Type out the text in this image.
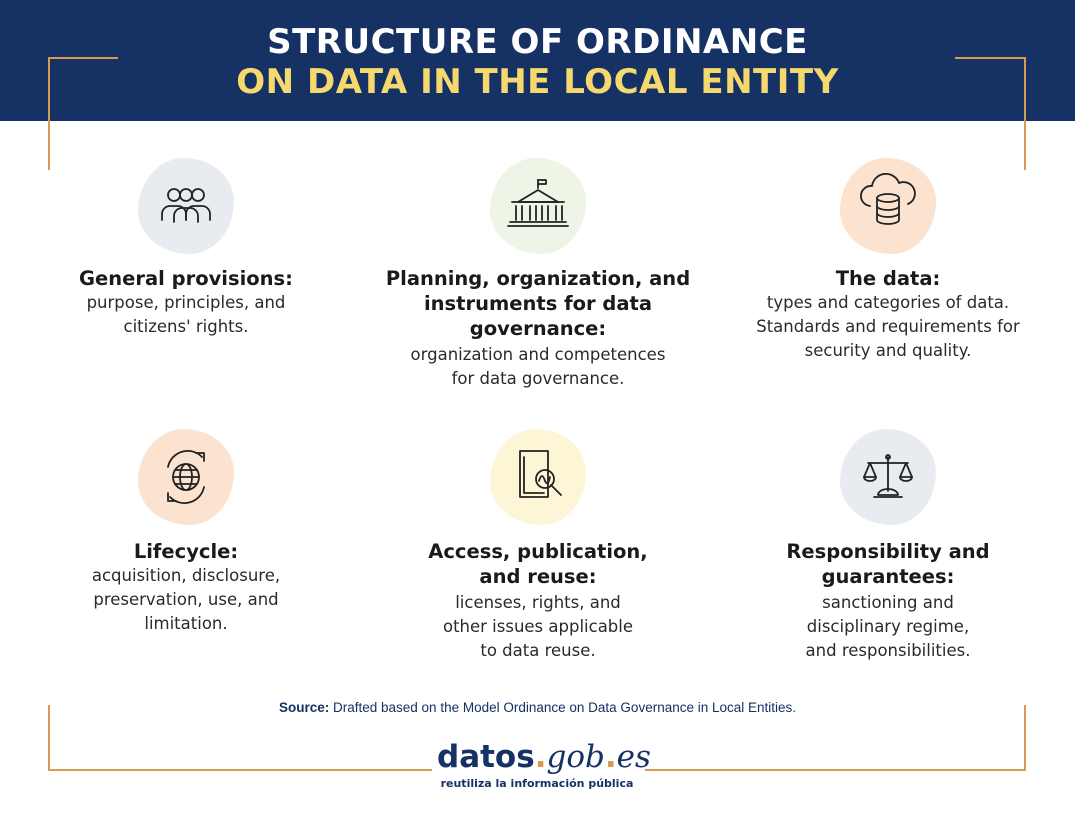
STRUCTURE OF ORDINANCE
ON DATA IN THE LOCAL ENTITY
General provisions:
purpose, principles, and citizens' rights.
Planning, organization, and instruments for data governance:
organization and competences for data governance.
The data:
types and categories of data. Standards and requirements for security and quality.
Lifecycle:
acquisition, disclosure, preservation, use, and limitation.
Access, publication, and reuse:
licenses, rights, and other issues applicable to data reuse.
Responsibility and guarantees:
sanctioning and disciplinary regime, and responsibilities.
Source: Drafted based on the Model Ordinance on Data Governance in Local Entities.
datos.gob.es
reutiliza la información pública
